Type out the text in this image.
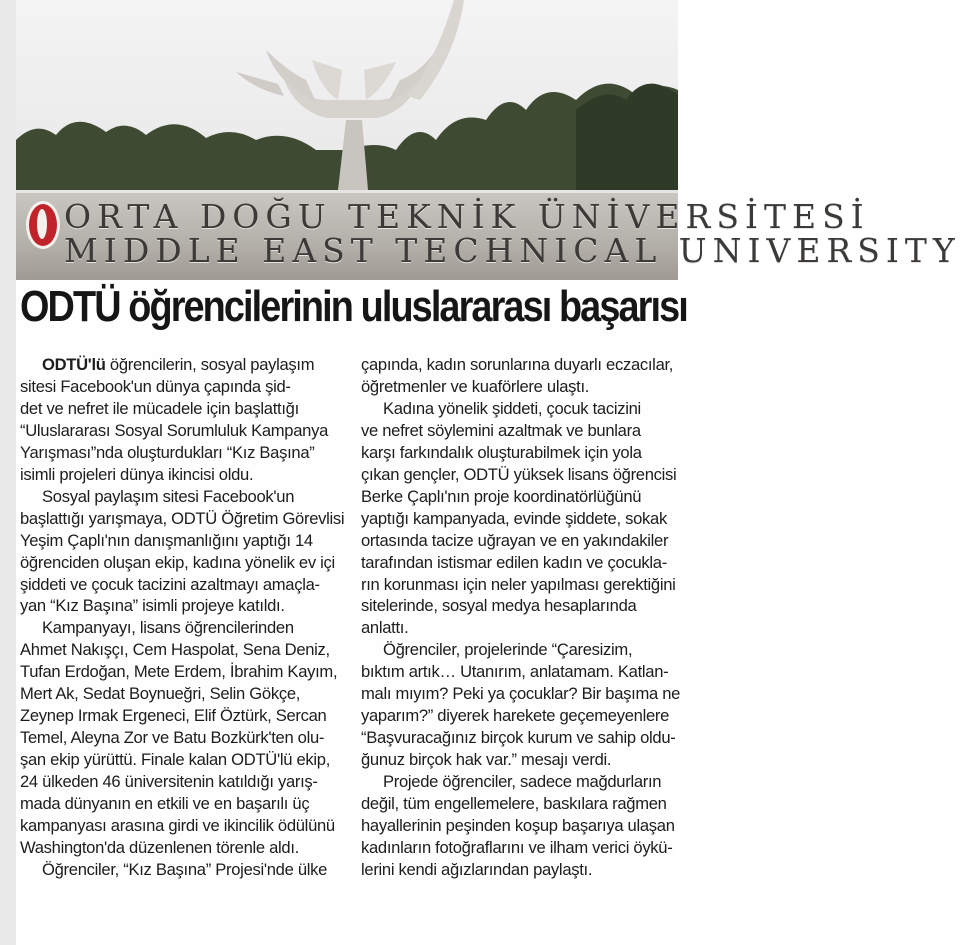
ORTA DOĞU TEKNİK ÜNİVERSİTESİ
MIDDLE EAST TECHNICAL UNIVERSITY
ODTÜ öğrencilerinin uluslararası başarısı
ODTÜ'lü öğrencilerin, sosyal paylaşım
sitesi Facebook'un dünya çapında şid-
det ve nefret ile mücadele için başlattığı
“Uluslararası Sosyal Sorumluluk Kampanya
Yarışması”nda oluşturdukları “Kız Başına”
isimli projeleri dünya ikincisi oldu.
Sosyal paylaşım sitesi Facebook'un
başlattığı yarışmaya, ODTÜ Öğretim Görevlisi
Yeşim Çaplı'nın danışmanlığını yaptığı 14
öğrenciden oluşan ekip, kadına yönelik ev içi
şiddeti ve çocuk tacizini azaltmayı amaçla-
yan “Kız Başına” isimli projeye katıldı.
Kampanyayı, lisans öğrencilerinden
Ahmet Nakışçı, Cem Haspolat, Sena Deniz,
Tufan Erdoğan, Mete Erdem, İbrahim Kayım,
Mert Ak, Sedat Boynueğri, Selin Gökçe,
Zeynep Irmak Ergeneci, Elif Öztürk, Sercan
Temel, Aleyna Zor ve Batu Bozkürk'ten olu-
şan ekip yürüttü. Finale kalan ODTÜ'lü ekip,
24 ülkeden 46 üniversitenin katıldığı yarış-
mada dünyanın en etkili ve en başarılı üç
kampanyası arasına girdi ve ikincilik ödülünü
Washington'da düzenlenen törenle aldı.
Öğrenciler, “Kız Başına” Projesi'nde ülke
çapında, kadın sorunlarına duyarlı eczacılar,
öğretmenler ve kuaförlere ulaştı.
Kadına yönelik şiddeti, çocuk tacizini
ve nefret söylemini azaltmak ve bunlara
karşı farkındalık oluşturabilmek için yola
çıkan gençler, ODTÜ yüksek lisans öğrencisi
Berke Çaplı'nın proje koordinatörlüğünü
yaptığı kampanyada, evinde şiddete, sokak
ortasında tacize uğrayan ve en yakındakiler
tarafından istismar edilen kadın ve çocukla-
rın korunması için neler yapılması gerektiğini
sitelerinde, sosyal medya hesaplarında
anlattı.
Öğrenciler, projelerinde “Çaresizim,
bıktım artık… Utanırım, anlatamam. Katlan-
malı mıyım? Peki ya çocuklar? Bir başıma ne
yaparım?” diyerek harekete geçemeyenlere
“Başvuracağınız birçok kurum ve sahip oldu-
ğunuz birçok hak var.” mesajı verdi.
Projede öğrenciler, sadece mağdurların
değil, tüm engellemelere, baskılara rağmen
hayallerinin peşinden koşup başarıya ulaşan
kadınların fotoğraflarını ve ilham verici öykü-
lerini kendi ağızlarından paylaştı.
